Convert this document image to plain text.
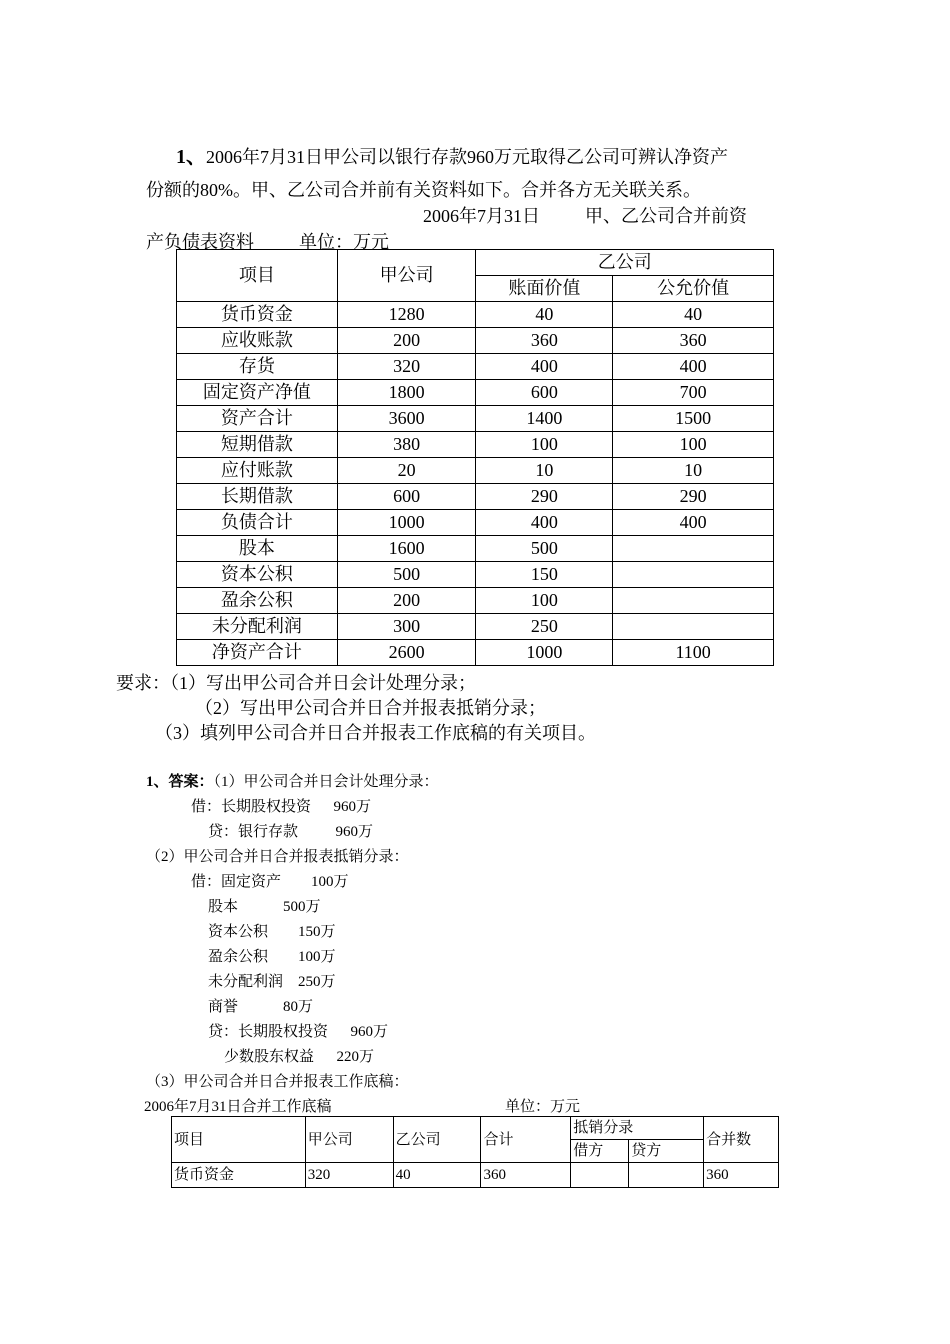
1、2006年7月31日甲公司以银行存款960万元取得乙公司可辨认净资产
份额的80%。甲、乙公司合并前有关资料如下。合并各方无关联关系。
2006年7月31日          甲、乙公司合并前资
产负债表资料          单位：万元
项目	甲公司	乙公司	
		账面价值	公允价值
货币资金	1280	40	40
应收账款	200	360	360
存货	320	400	400
固定资产净值	1800	600	700
资产合计	3600	1400	1500
短期借款	380	100	100
应付账款	20	10	10
长期借款	600	290	290
负债合计	1000	400	400
股本	1600	500	
资本公积	500	150	
盈余公积	200	100	
未分配利润	300	250	
净资产合计	2600	1000	1100
要求：（1）写出甲公司合并日会计处理分录；
（2）写出甲公司合并日合并报表抵销分录；
（3）填列甲公司合并日合并报表工作底稿的有关项目。
1、答案：（1）甲公司合并日会计处理分录：
借：长期股权投资      960万
贷：银行存款          960万
（2）甲公司合并日合并报表抵销分录：
借：固定资产        100万
股本            500万
资本公积        150万
盈余公积        100万
未分配利润    250万
商誉            80万
贷：长期股权投资      960万
少数股东权益      220万
（3）甲公司合并日合并报表工作底稿：
2006年7月31日合并工作底稿	单位：万元
项目	甲公司	乙公司	合计	抵销分录		合并数
				借方	贷方	
货币资金	320	40	360			360
